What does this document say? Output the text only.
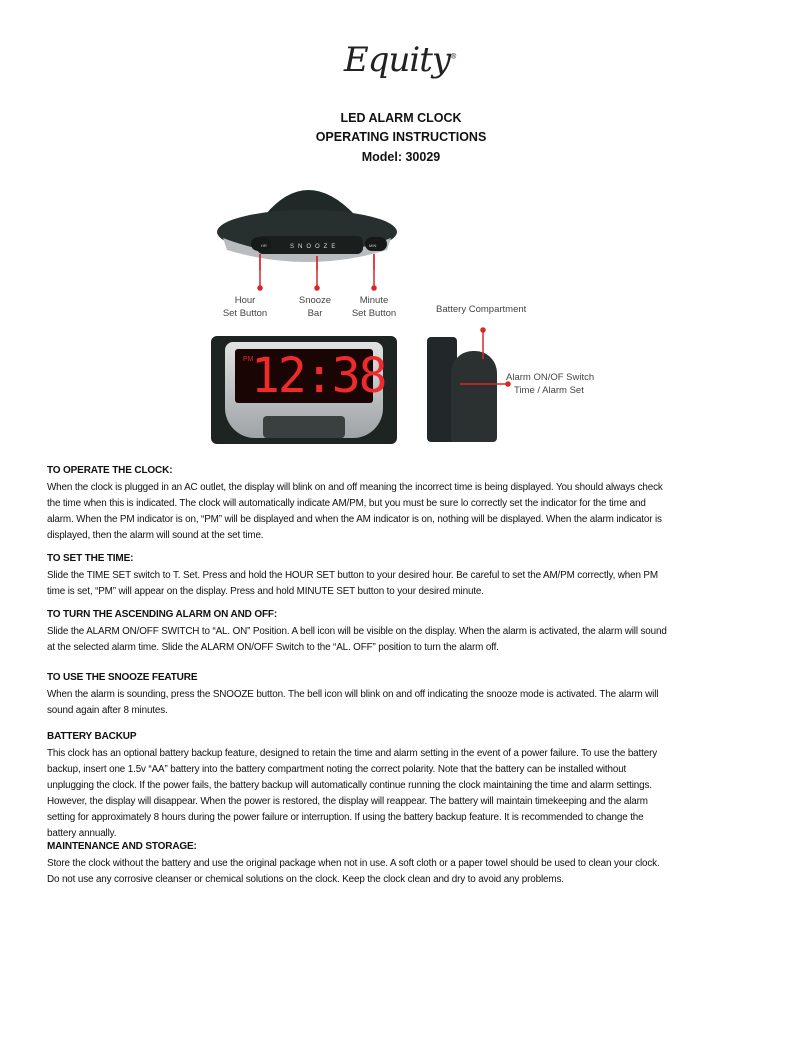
Equity®
LED ALARM CLOCK
OPERATING INSTRUCTIONS
Model: 30029
HR	MIN
SNOOZE
Hour
Set Button
Snooze
Bar
Minute
Set Button
PM
12:38
Battery Compartment
Alarm ON/OF Switch
Time / Alarm Set
TO OPERATE THE CLOCK:
When the clock is plugged in an AC outlet, the display will blink on and off meaning the incorrect time is being displayed. You should always check
the time when this is indicated. The clock will automatically indicate AM/PM, but you must be sure lo correctly set the indicator for the time and
alarm. When the PM indicator is on, “PM” will be displayed and when the AM indicator is on, nothing will be displayed. When the alarm indicator is
displayed, then the alarm will sound at the set time.
TO SET THE TIME:
Slide the TIME SET switch to T. Set. Press and hold the HOUR SET button to your desired hour. Be careful to set the AM/PM correctly, when PM
time is set, “PM” will appear on the display. Press and hold MINUTE SET button to your desired minute.
TO TURN THE ASCENDING ALARM ON AND OFF:
Slide the ALARM ON/OFF SWITCH to “AL. ON” Position. A bell icon will be visible on the display. When the alarm is activated, the alarm will sound
at the selected alarm time. Slide the ALARM ON/OFF Switch to the “AL. OFF” position to turn the alarm off.
TO USE THE SNOOZE FEATURE
When the alarm is sounding, press the SNOOZE button. The bell icon will blink on and off indicating the snooze mode is activated. The alarm will
sound again after 8 minutes.
BATTERY BACKUP
This clock has an optional battery backup feature, designed to retain the time and alarm setting in the event of a power failure. To use the battery
backup, insert one 1.5v “AA” battery into the battery compartment noting the correct polarity. Note that the battery can be installed without
unplugging the clock. If the power fails, the battery backup will automatically continue running the clock maintaining the time and alarm settings.
However, the display will disappear. When the power is restored, the display will reappear. The battery will maintain timekeeping and the alarm
setting for approximately 8 hours during the power failure or interruption. If using the battery backup feature. It is recommended to change the
battery annually.
MAINTENANCE AND STORAGE:
Store the clock without the battery and use the original package when not in use. A soft cloth or a paper towel should be used to clean your clock.
Do not use any corrosive cleanser or chemical solutions on the clock. Keep the clock clean and dry to avoid any problems.
